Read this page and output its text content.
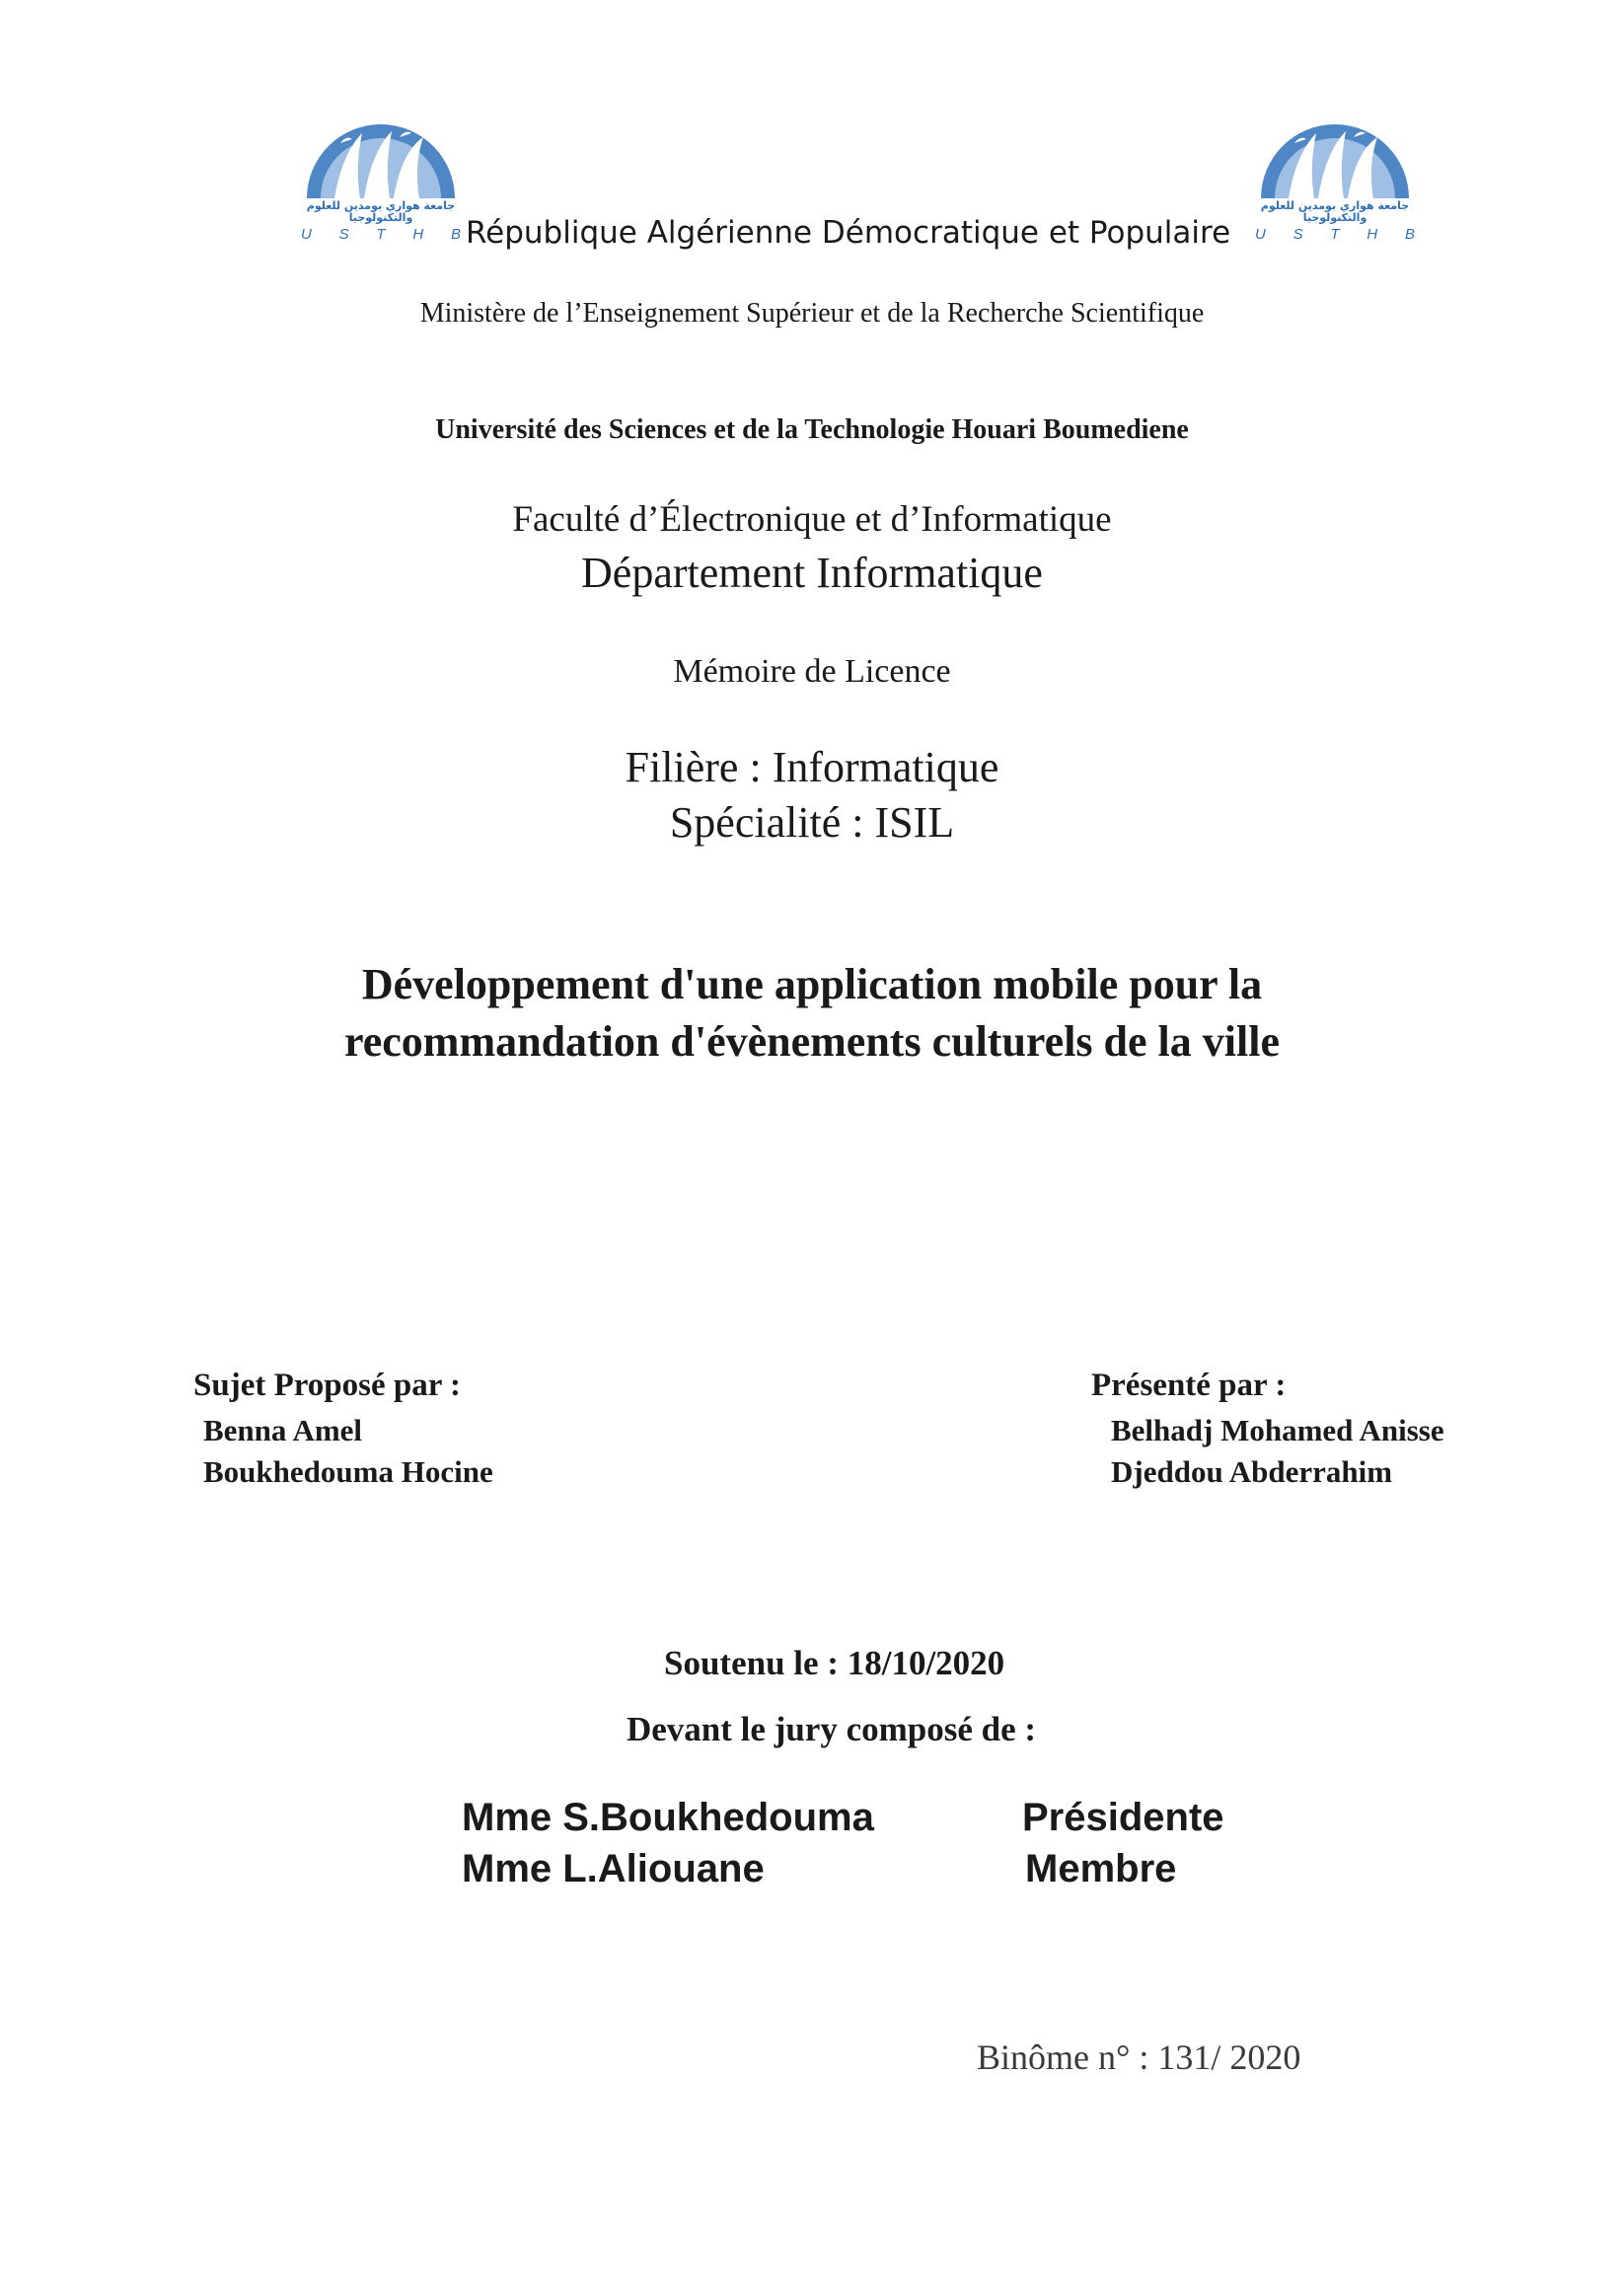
جامعة هواري بومدين للعلوم والتكنولوجيا
U S T H B
جامعة هواري بومدين للعلوم والتكنولوجيا
U S T H B
République Algérienne Démocratique et Populaire
Ministère de l’Enseignement Supérieur et de la Recherche Scientifique
Université des Sciences et de la Technologie Houari Boumediene
Faculté d’Électronique et d’Informatique
Département Informatique
Mémoire de Licence
Filière : Informatique
Spécialité : ISIL
Développement d'une application mobile pour la
recommandation d'évènements culturels de la ville
Sujet Proposé par :
Benna Amel
Boukhedouma Hocine
Présenté par :
Belhadj Mohamed Anisse
Djeddou Abderrahim
Soutenu le : 18/10/2020
Devant le jury composé de :
Mme S.Boukhedouma	Présidente
Mme L.Aliouane	Membre
Binôme n° : 131/ 2020
